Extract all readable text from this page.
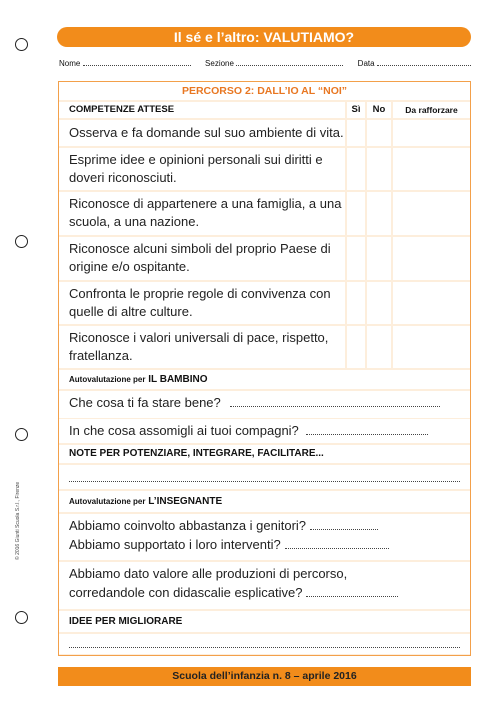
© 2016 Giunti Scuola S.r.l., Firenze
Il sé e l’altro: VALUTIAMO?
Nome	Sezione	Data
PERCORSO 2: DALL’IO AL “NOI”
COMPETENZE ATTESE	Sì	No	Da rafforzare
Osserva e fa domande sul suo ambiente di vita.
Esprime idee e opinioni personali sui diritti e doveri riconosciuti.
Riconosce di appartenere a una famiglia, a una scuola, a una nazione.
Riconosce alcuni simboli del proprio Paese di origine e/o ospitante.
Confronta le proprie regole di convivenza con quelle di altre culture.
Riconosce i valori universali di pace, rispetto, fratellanza.
Autovalutazione per IL BAMBINO
Che cosa ti fa stare bene?
In che cosa assomigli ai tuoi compagni?
NOTE PER POTENZIARE, INTEGRARE, FACILITARE...
Autovalutazione per L’INSEGNANTE
Abbiamo coinvolto abbastanza i genitori?
Abbiamo supportato i loro interventi?
Abbiamo dato valore alle produzioni di percorso,
corredandole con didascalie esplicative?
IDEE PER MIGLIORARE
Scuola dell’infanzia n. 8 – aprile 2016
